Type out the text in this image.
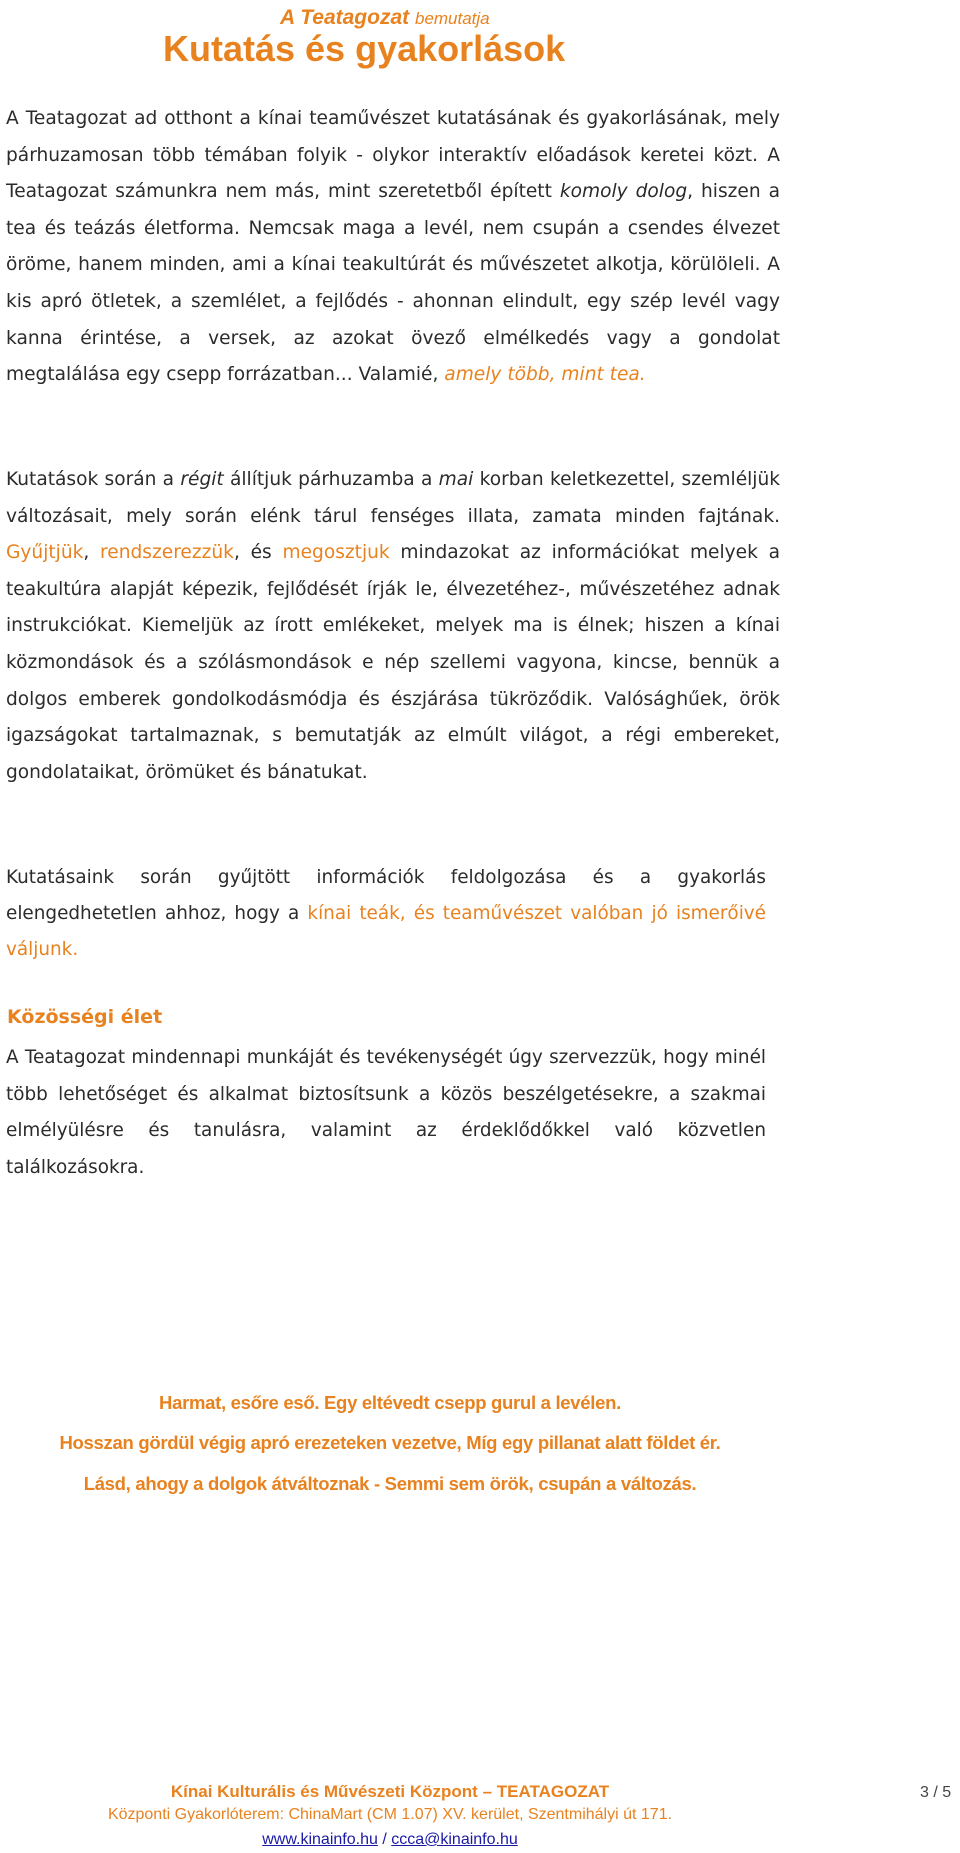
A Teatagozat bemutatja
Kutatás és gyakorlások

A Teatagozat ad otthont a kínai teaművészet kutatásának és gyakorlásának, mely párhuzamosan több témában folyik - olykor interaktív előadások keretei közt. A Teatagozat számunkra nem más, mint szeretetből épített komoly dolog, hiszen a tea és teázás életforma. Nemcsak maga a levél, nem csupán a csendes élvezet öröme, hanem minden, ami a kínai teakultúrát és művészetet alkotja, körülöleli. A kis apró ötletek, a szemlélet, a fejlődés - ahonnan elindult, egy szép levél vagy kanna érintése, a versek, az azokat övező elmélkedés vagy a gondolat megtalálása egy csepp forrázatban... Valamié, amely több, mint tea.

Kutatások során a régit állítjuk párhuzamba a mai korban keletkezettel, szemléljük változásait, mely során elénk tárul fenséges illata, zamata minden fajtának. Gyűjtjük, rendszerezzük, és megosztjuk mindazokat az információkat melyek a teakultúra alapját képezik, fejlődését írják le, élvezetéhez-, művészetéhez adnak instrukciókat. Kiemeljük az írott emlékeket, melyek ma is élnek; hiszen a kínai közmondások és a szólásmondások e nép szellemi vagyona, kincse, bennük a dolgos emberek gondolkodásmódja és észjárása tükröződik. Valósághűek, örök igazságokat tartalmaznak, s bemutatják az elmúlt világot, a régi embereket, gondolataikat, örömüket és bánatukat.

Kutatásaink során gyűjtött információk feldolgozása és a gyakorlás elengedhetetlen ahhoz, hogy a kínai teák, és teaművészet valóban jó ismerőivé váljunk.

Közösségi élet

A Teatagozat mindennapi munkáját és tevékenységét úgy szervezzük, hogy minél több lehetőséget és alkalmat biztosítsunk a közös beszélgetésekre, a szakmai elmélyülésre és tanulásra, valamint az érdeklődőkkel való közvetlen találkozásokra.

Harmat, esőre eső. Egy eltévedt csepp gurul a levélen.
Hosszan gördül végig apró erezeteken vezetve, Míg egy pillanat alatt földet ér.
Lásd, ahogy a dolgok átváltoznak - Semmi sem örök, csupán a változás.
Kínai Kulturális és Művészeti Központ – TEATAGOZAT
Központi Gyakorlóterem: ChinaMart (CM 1.07) XV. kerület, Szentmihályi út 171.
www.kinainfo.hu / ccca@kinainfo.hu
3 / 5
